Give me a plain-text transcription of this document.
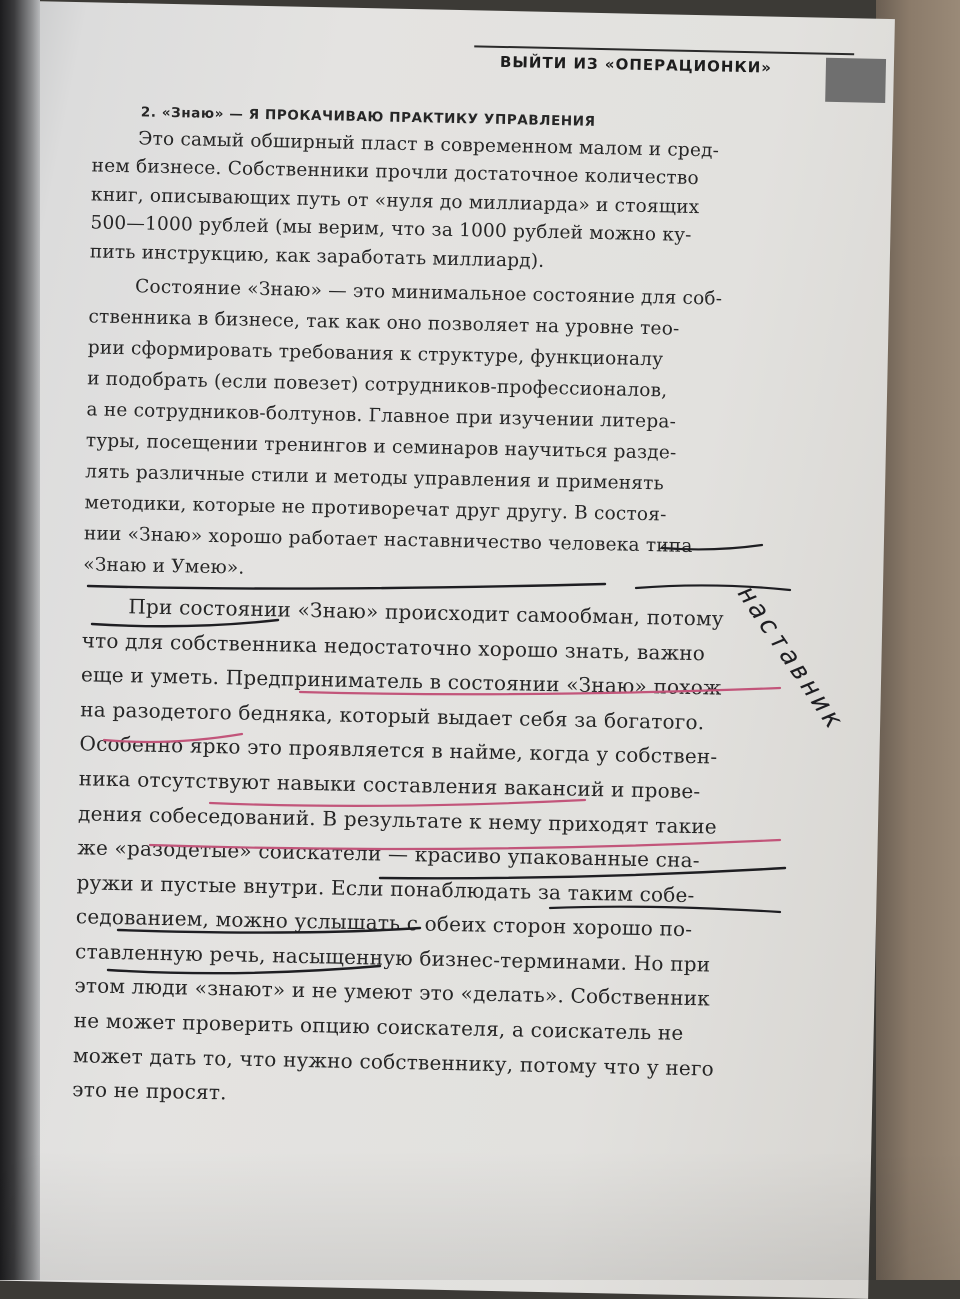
ВЫЙТИ ИЗ «ОПЕРАЦИОНКИ»
2. «Знаю» — Я ПРОКАЧИВАЮ ПРАКТИКУ УПРАВЛЕНИЯ
Это самый обширный пласт в современном малом и сред-
нем бизнесе. Собственники прочли достаточное количество
книг, описывающих путь от «нуля до миллиарда» и стоящих
500—1000 рублей (мы верим, что за 1000 рублей можно ку-
пить инструкцию, как заработать миллиард).
Состояние «Знаю» — это минимальное состояние для соб-
ственника в бизнесе, так как оно позволяет на уровне тео-
рии сформировать требования к структуре, функционалу
и подобрать (если повезет) сотрудников-профессионалов,
а не сотрудников-болтунов. Главное при изучении литера-
туры, посещении тренингов и семинаров научиться разде-
лять различные стили и методы управления и применять
методики, которые не противоречат друг другу. В состоя-
нии «Знаю» хорошо работает наставничество человека типа
«Знаю и Умею».
При состоянии «Знаю» происходит самообман, потому
что для собственника недостаточно хорошо знать, важно
еще и уметь. Предприниматель в состоянии «Знаю» похож
на разодетого бедняка, который выдает себя за богатого.
Особенно ярко это проявляется в найме, когда у собствен-
ника отсутствуют навыки составления вакансий и прове-
дения собеседований. В результате к нему приходят такие
же «разодетые» соискатели — красиво упакованные сна-
ружи и пустые внутри. Если понаблюдать за таким собе-
седованием, можно услышать с обеих сторон хорошо по-
ставленную речь, насыщенную бизнес-терминами. Но при
этом люди «знают» и не умеют это «делать». Собственник
не может проверить опцию соискателя, а соискатель не
может дать то, что нужно собственнику, потому что у него
это не просят.
наставник
